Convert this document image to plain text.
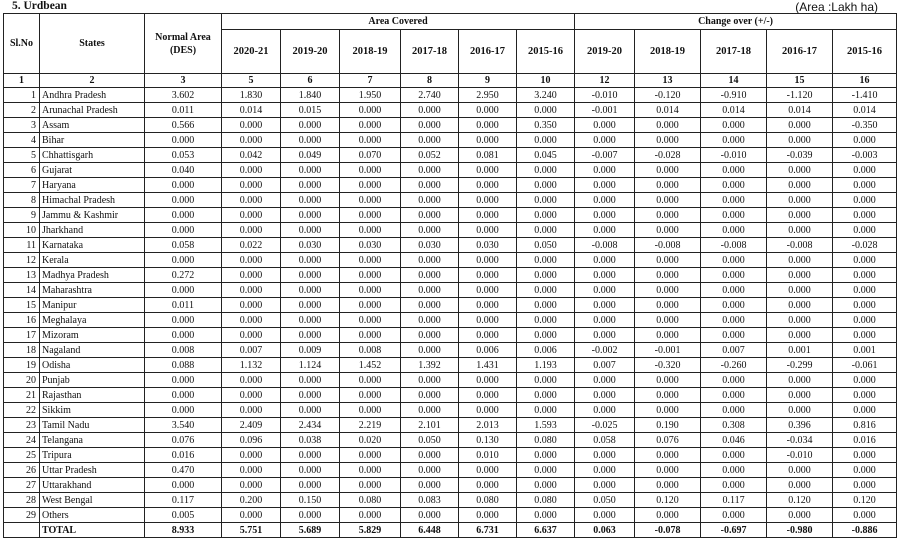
5. Urdbean	(Area :Lakh ha)
Sl.No	States	Normal Area (DES)	Area Covered						Change over (+/-)				
			2020-21	2019-20	2018-19	2017-18	2016-17	2015-16	2019-20	2018-19	2017-18	2016-17	2015-16
1	2	3	5	6	7	8	9	10	12	13	14	15	16
1	Andhra Pradesh	3.602	1.830	1.840	1.950	2.740	2.950	3.240	-0.010	-0.120	-0.910	-1.120	-1.410
2	Arunachal Pradesh	0.011	0.014	0.015	0.000	0.000	0.000	0.000	-0.001	0.014	0.014	0.014	0.014
3	Assam	0.566	0.000	0.000	0.000	0.000	0.000	0.350	0.000	0.000	0.000	0.000	-0.350
4	Bihar	0.000	0.000	0.000	0.000	0.000	0.000	0.000	0.000	0.000	0.000	0.000	0.000
5	Chhattisgarh	0.053	0.042	0.049	0.070	0.052	0.081	0.045	-0.007	-0.028	-0.010	-0.039	-0.003
6	Gujarat	0.040	0.000	0.000	0.000	0.000	0.000	0.000	0.000	0.000	0.000	0.000	0.000
7	Haryana	0.000	0.000	0.000	0.000	0.000	0.000	0.000	0.000	0.000	0.000	0.000	0.000
8	Himachal Pradesh	0.000	0.000	0.000	0.000	0.000	0.000	0.000	0.000	0.000	0.000	0.000	0.000
9	Jammu & Kashmir	0.000	0.000	0.000	0.000	0.000	0.000	0.000	0.000	0.000	0.000	0.000	0.000
10	Jharkhand	0.000	0.000	0.000	0.000	0.000	0.000	0.000	0.000	0.000	0.000	0.000	0.000
11	Karnataka	0.058	0.022	0.030	0.030	0.030	0.030	0.050	-0.008	-0.008	-0.008	-0.008	-0.028
12	Kerala	0.000	0.000	0.000	0.000	0.000	0.000	0.000	0.000	0.000	0.000	0.000	0.000
13	Madhya Pradesh	0.272	0.000	0.000	0.000	0.000	0.000	0.000	0.000	0.000	0.000	0.000	0.000
14	Maharashtra	0.000	0.000	0.000	0.000	0.000	0.000	0.000	0.000	0.000	0.000	0.000	0.000
15	Manipur	0.011	0.000	0.000	0.000	0.000	0.000	0.000	0.000	0.000	0.000	0.000	0.000
16	Meghalaya	0.000	0.000	0.000	0.000	0.000	0.000	0.000	0.000	0.000	0.000	0.000	0.000
17	Mizoram	0.000	0.000	0.000	0.000	0.000	0.000	0.000	0.000	0.000	0.000	0.000	0.000
18	Nagaland	0.008	0.007	0.009	0.008	0.000	0.006	0.006	-0.002	-0.001	0.007	0.001	0.001
19	Odisha	0.088	1.132	1.124	1.452	1.392	1.431	1.193	0.007	-0.320	-0.260	-0.299	-0.061
20	Punjab	0.000	0.000	0.000	0.000	0.000	0.000	0.000	0.000	0.000	0.000	0.000	0.000
21	Rajasthan	0.000	0.000	0.000	0.000	0.000	0.000	0.000	0.000	0.000	0.000	0.000	0.000
22	Sikkim	0.000	0.000	0.000	0.000	0.000	0.000	0.000	0.000	0.000	0.000	0.000	0.000
23	Tamil Nadu	3.540	2.409	2.434	2.219	2.101	2.013	1.593	-0.025	0.190	0.308	0.396	0.816
24	Telangana	0.076	0.096	0.038	0.020	0.050	0.130	0.080	0.058	0.076	0.046	-0.034	0.016
25	Tripura	0.016	0.000	0.000	0.000	0.000	0.010	0.000	0.000	0.000	0.000	-0.010	0.000
26	Uttar Pradesh	0.470	0.000	0.000	0.000	0.000	0.000	0.000	0.000	0.000	0.000	0.000	0.000
27	Uttarakhand	0.000	0.000	0.000	0.000	0.000	0.000	0.000	0.000	0.000	0.000	0.000	0.000
28	West Bengal	0.117	0.200	0.150	0.080	0.083	0.080	0.080	0.050	0.120	0.117	0.120	0.120
29	Others	0.005	0.000	0.000	0.000	0.000	0.000	0.000	0.000	0.000	0.000	0.000	0.000
	TOTAL	8.933	5.751	5.689	5.829	6.448	6.731	6.637	0.063	-0.078	-0.697	-0.980	-0.886
